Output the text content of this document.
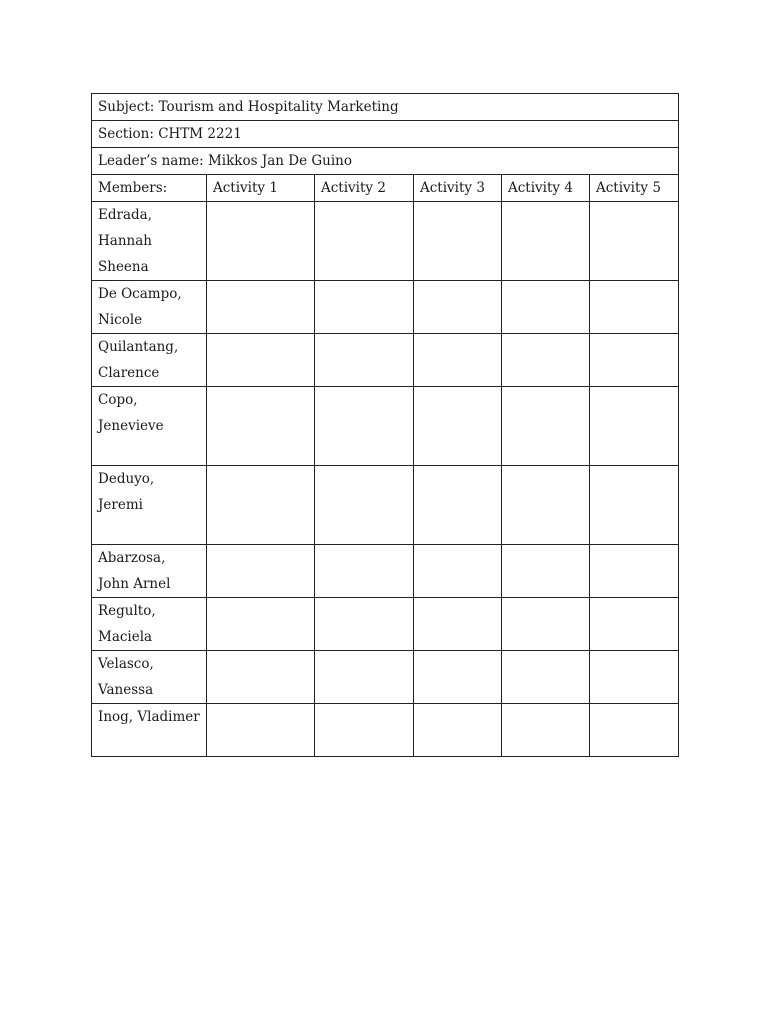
Subject: Tourism and Hospitality Marketing					
Section: CHTM 2221					
Leader’s name: Mikkos Jan De Guino					
Members:	Activity 1	Activity 2	Activity 3	Activity 4	Activity 5

Edrada,
Hannah
Sheena					

De Ocampo,
Nicole					

Quilantang,
Clarence					

Copo,
Jenevieve					

Deduyo,
Jeremi					

Abarzosa,
John Arnel					

Regulto,
Maciela					

Velasco,
Vanessa					

Inog, Vladimer					
